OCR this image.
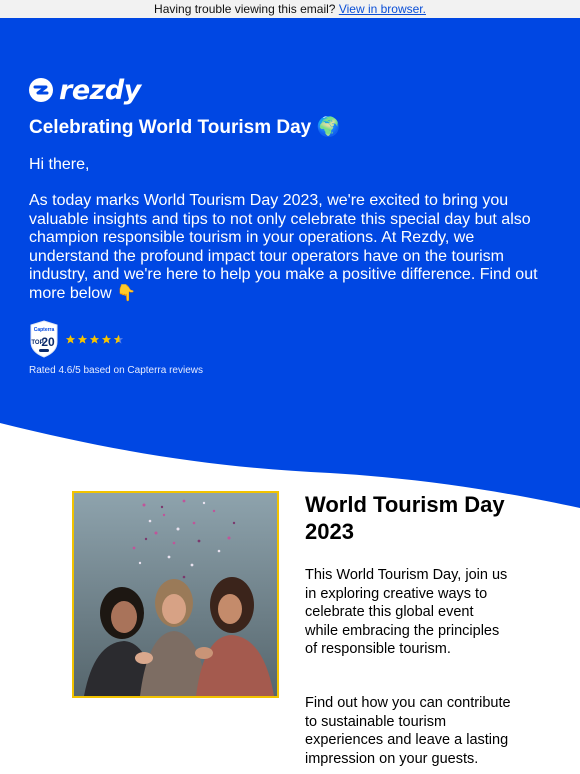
Having trouble viewing this email? View in browser.
rezdy
Celebrating World Tourism Day 🌍
Hi there,
As today marks World Tourism Day 2023, we're excited to bring you valuable insights and tips to not only celebrate this special day but also champion responsible tourism in your operations. At Rezdy, we understand the profound impact tour operators have on the tourism industry, and we're here to help you make a positive difference. Find out more below 👇
Capterra
TOP
20
Rated 4.6/5 based on Capterra reviews
World Tourism Day 2023
This World Tourism Day, join us in exploring creative ways to celebrate this global event while embracing the principles of responsible tourism.
Find out how you can contribute to sustainable tourism experiences and leave a lasting impression on your guests.
